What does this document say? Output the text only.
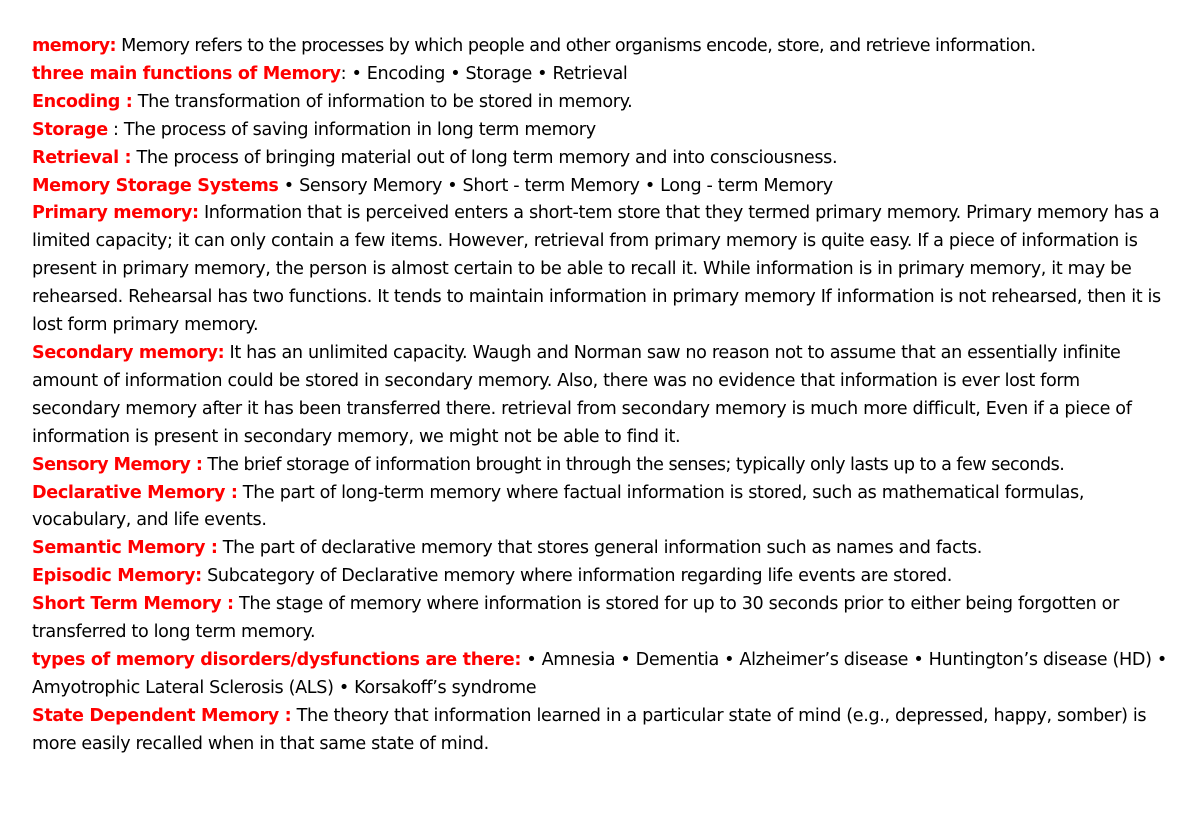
memory: Memory refers to the processes by which people and other organisms encode, store, and retrieve information.

three main functions of Memory: • Encoding • Storage • Retrieval

Encoding : The transformation of information to be stored in memory.

Storage : The process of saving information in long term memory

Retrieval : The process of bringing material out of long term memory and into consciousness.

Memory Storage Systems • Sensory Memory • Short - term Memory • Long - term Memory

Primary memory: Information that is perceived enters a short-tem store that they termed primary memory. Primary memory has a limited capacity; it can only contain a few items. However, retrieval from primary memory is quite easy. If a piece of information is present in primary memory, the person is almost certain to be able to recall it. While information is in primary memory, it may be rehearsed. Rehearsal has two functions. It tends to maintain information in primary memory If information is not rehearsed, then it is lost form primary memory.

Secondary memory: It has an unlimited capacity. Waugh and Norman saw no reason not to assume that an essentially infinite amount of information could be stored in secondary memory. Also, there was no evidence that information is ever lost form secondary memory after it has been transferred there. retrieval from secondary memory is much more difficult, Even if a piece of information is present in secondary memory, we might not be able to find it.

Sensory Memory : The brief storage of information brought in through the senses; typically only lasts up to a few seconds.

Declarative Memory : The part of long-term memory where factual information is stored, such as mathematical formulas, vocabulary, and life events.

Semantic Memory : The part of declarative memory that stores general information such as names and facts.

Episodic Memory: Subcategory of Declarative memory where information regarding life events are stored.

Short Term Memory : The stage of memory where information is stored for up to 30 seconds prior to either being forgotten or transferred to long term memory.

types of memory disorders/dysfunctions are there: • Amnesia • Dementia • Alzheimer’s disease • Huntington’s disease (HD) • Amyotrophic Lateral Sclerosis (ALS) • Korsakoff’s syndrome

State Dependent Memory : The theory that information learned in a particular state of mind (e.g., depressed, happy, somber) is more easily recalled when in that same state of mind.
